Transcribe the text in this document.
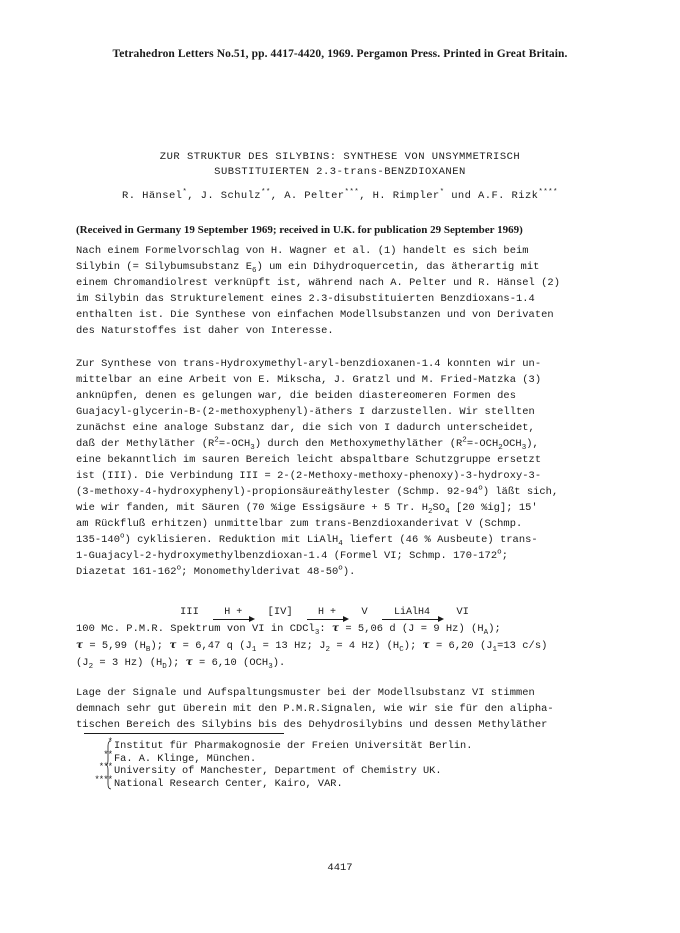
Tetrahedron Letters No.51, pp. 4417-4420, 1969. Pergamon Press. Printed in Great Britain.
ZUR STRUKTUR DES SILYBINS: SYNTHESE VON UNSYMMETRISCH
SUBSTITUIERTEN 2.3-trans-BENZDIOXANEN
R. Hänsel*, J. Schulz**, A. Pelter***, H. Rimpler* und A.F. Rizk****
(Received in Germany 19 September 1969; received in U.K. for publication 29 September 1969)
Nach einem Formelvorschlag von H. Wagner et al. (1) handelt es sich beim
Silybin (= Silybumsubstanz $E_6$) um ein Dihydroquercetin, das ätherartig mit
einem Chromandiolrest verknüpft ist, während nach A. Pelter und R. Hänsel (2)
im Silybin das Strukturelement eines 2.3-disubstituierten Benzdioxans-1.4
enthalten ist. Die Synthese von einfachen Modellsubstanzen und von Derivaten
des Naturstoffes ist daher von Interesse.
Zur Synthese von trans-Hydroxymethyl-aryl-benzdioxanen-1.4 konnten wir un-
mittelbar an eine Arbeit von E. Mikscha, J. Gratzl und M. Fried-Matzka (3)
anknüpfen, denen es gelungen war, die beiden diastereomeren Formen des
Guajacyl-glycerin-B-(2-methoxyphenyl)-äthers I darzustellen. Wir stellten
zunächst eine analoge Substanz dar, die sich von I dadurch unterscheidet,
daß der Methyläther $(R^2=-OCH_3)$ durch den Methoxymethyläther $(R^2=-OCH_2OCH_3)$,
eine bekanntlich im sauren Bereich leicht abspaltbare Schutzgruppe ersetzt
ist (III). Die Verbindung III = 2-(2-Methoxy-methoxy-phenoxy)-3-hydroxy-3-
(3-methoxy-4-hydroxyphenyl)-propionsäureäthylester (Schmp. 92-94$^o$) läßt sich,
wie wir fanden, mit Säuren (70 %ige Essigsäure + 5 Tr. $H_2SO_4$ [20 %ig]; 15'
am Rückfluß erhitzen) unmittelbar zum trans-Benzdioxanderivat V (Schmp.
135-140$^o$) cyklisieren. Reduktion mit LiAlH$_4$ liefert (46 % Ausbeute) trans-
1-Guajacyl-2-hydroxymethylbenzdioxan-1.4 (Formel VI; Schmp. 170-172$^o$;
Diazetat 161-162$^o$; Monomethylderivat 48-50$^o$).
III	H +	[IV]	H +	V	LiAlH4	VI
100 Mc. P.M.R. Spektrum von VI in CDCl$_3$: τ = 5,06 d (J = 9 Hz) $(H_A)$;
τ = 5,99 $(H_B)$; τ = 6,47 q ($J_1 = 13$ Hz; $J_2 = 4$ Hz) $(H_C)$; τ = 6,20 ($J_1=13$ c/s)
($J_2 = 3$ Hz) $(H_D)$; τ = 6,10 $(OCH_3)$.
Lage der Signale und Aufspaltungsmuster bei der Modellsubstanz VI stimmen
demnach sehr gut überein mit den P.M.R.Signalen, wie wir sie für den alipha-
tischen Bereich des Silybins bis des Dehydrosilybins und dessen Methyläther
* Institut für Pharmakognosie der Freien Universität Berlin.
** Fa. A. Klinge, München.
*** University of Manchester, Department of Chemistry UK.
**** National Research Center, Kairo, VAR.
4417
